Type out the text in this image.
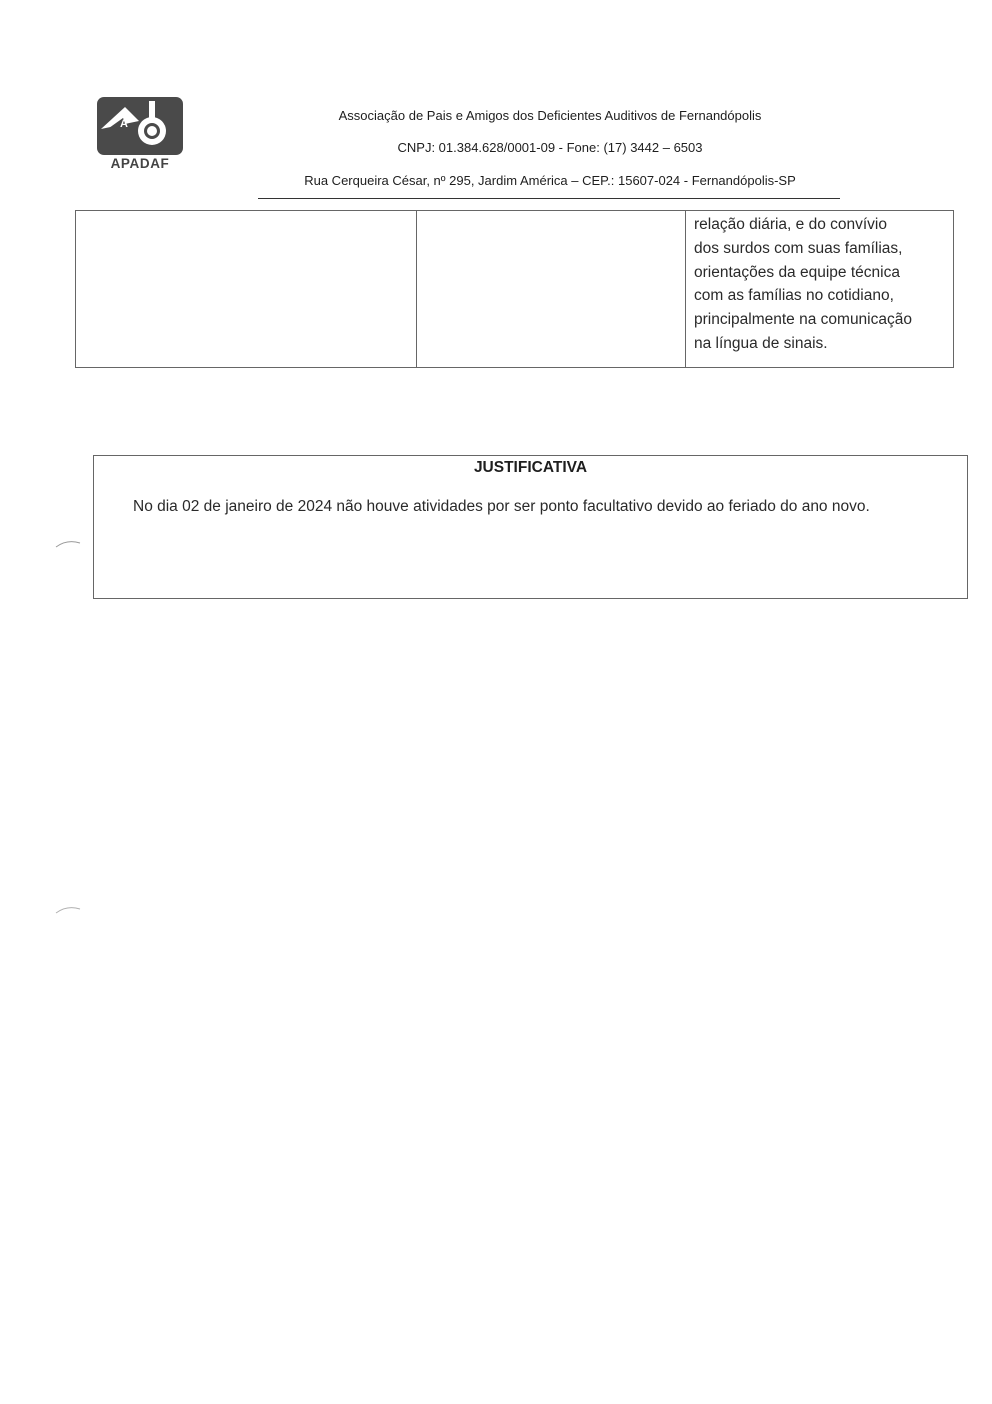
A
APADAF
Associação de Pais e Amigos dos Deficientes Auditivos de Fernandópolis
CNPJ: 01.384.628/0001-09 - Fone: (17) 3442 – 6503
Rua Cerqueira César, nº 295, Jardim América – CEP.: 15607-024 - Fernandópolis-SP
relação diária, e do convívio
dos surdos com suas famílias,
orientações da equipe técnica
com as famílias no cotidiano,
principalmente na comunicação
na língua de sinais.
JUSTIFICATIVA
No dia 02 de janeiro de 2024 não houve atividades por ser ponto facultativo devido ao feriado do ano novo.
